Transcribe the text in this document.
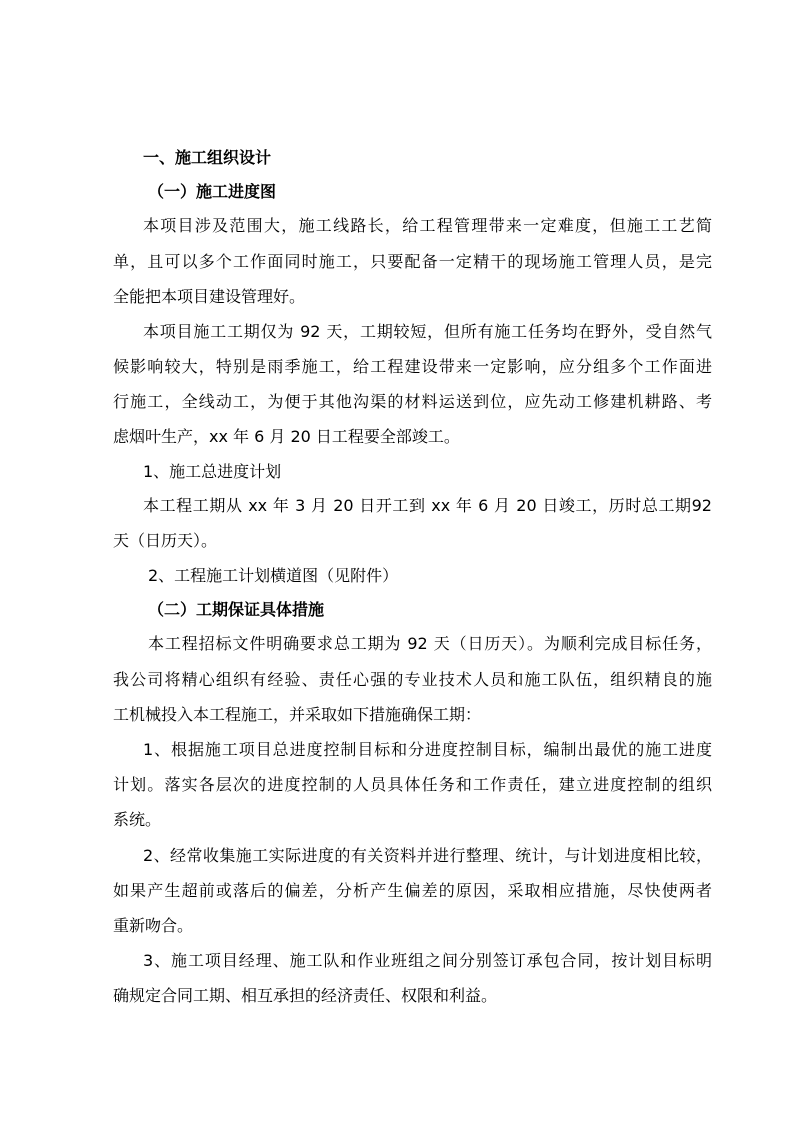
一、施工组织设计
（一）施工进度图
本项目涉及范围大，施工线路长，给工程管理带来一定难度，但施工工艺简
单，且可以多个工作面同时施工，只要配备一定精干的现场施工管理人员，是完
全能把本项目建设管理好。
本项目施工工期仅为 92 天，工期较短，但所有施工任务均在野外，受自然气
候影响较大，特别是雨季施工，给工程建设带来一定影响，应分组多个工作面进
行施工，全线动工，为便于其他沟渠的材料运送到位，应先动工修建机耕路、考
虑烟叶生产，xx 年 6 月 20 日工程要全部竣工。
1、施工总进度计划
本工程工期从 xx 年 3 月 20 日开工到 xx 年 6 月 20 日竣工，历时总工期92
天（日历天）。
2、工程施工计划横道图（见附件）
（二）工期保证具体措施
本工程招标文件明确要求总工期为 92 天（日历天）。为顺利完成目标任务，
我公司将精心组织有经验、责任心强的专业技术人员和施工队伍，组织精良的施
工机械投入本工程施工，并采取如下措施确保工期：
1、根据施工项目总进度控制目标和分进度控制目标，编制出最优的施工进度
计划。落实各层次的进度控制的人员具体任务和工作责任，建立进度控制的组织
系统。
2、经常收集施工实际进度的有关资料并进行整理、统计，与计划进度相比较，
如果产生超前或落后的偏差，分析产生偏差的原因，采取相应措施，尽快使两者
重新吻合。
3、施工项目经理、施工队和作业班组之间分别签订承包合同，按计划目标明
确规定合同工期、相互承担的经济责任、权限和利益。
